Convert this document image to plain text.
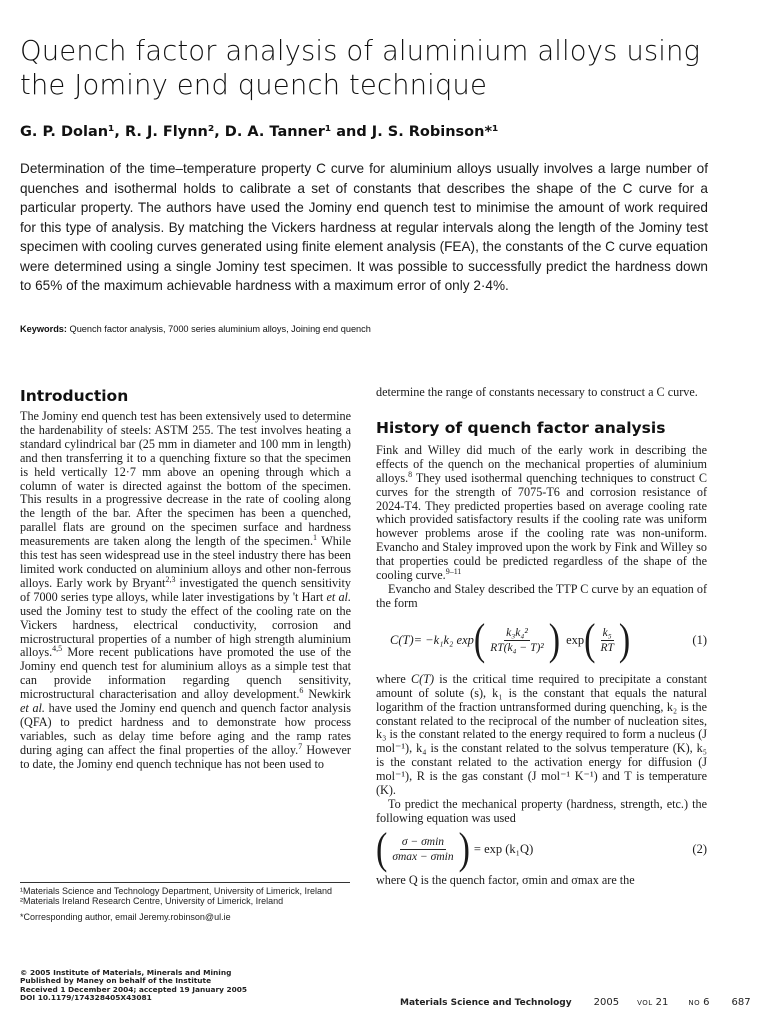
Quench factor analysis of aluminium alloys using the Jominy end quench technique
G. P. Dolan¹, R. J. Flynn², D. A. Tanner¹ and J. S. Robinson*¹

Determination of the time–temperature property C curve for aluminium alloys usually involves a large number of quenches and isothermal holds to calibrate a set of constants that describes the shape of the C curve for a particular property. The authors have used the Jominy end quench test to minimise the amount of work required for this type of analysis. By matching the Vickers hardness at regular intervals along the length of the Jominy test specimen with cooling curves generated using finite element analysis (FEA), the constants of the C curve equation were determined using a single Jominy test specimen. It was possible to successfully predict the hardness down to 65% of the maximum achievable hardness with a maximum error of only 2·4%.

Keywords: Quench factor analysis, 7000 series aluminium alloys, Joining end quench
Introduction

The Jominy end quench test has been extensively used to determine the hardenability of steels: ASTM 255. The test involves heating a standard cylindrical bar (25 mm in diameter and 100 mm in length) and then transferring it to a quenching fixture so that the specimen is held vertically 12·7 mm above an opening through which a column of water is directed against the bottom of the specimen. This results in a progressive decrease in the rate of cooling along the length of the bar. After the specimen has been a quenched, parallel flats are ground on the specimen surface and hardness measurements are taken along the length of the specimen.$^1$ While this test has seen widespread use in the steel industry there has been limited work conducted on aluminium alloys and other non-ferrous alloys. Early work by Bryant$^{2,3}$ investigated the quench sensitivity of 7000 series type alloys, while later investigations by 't Hart et al. used the Jominy test to study the effect of the cooling rate on the Vickers hardness, electrical conductivity, corrosion and microstructural properties of a number of high strength aluminium alloys.$^{4,5}$ More recent publications have promoted the use of the Jominy end quench test for aluminium alloys as a simple test that can provide information regarding quench sensitivity, microstructural characterisation and alloy development.$^6$ Newkirk et al. have used the Jominy end quench and quench factor analysis (QFA) to predict hardness and to demonstrate how process variables, such as delay time before aging and the ramp rates during aging can affect the final properties of the alloy.$^7$ However to date, the Jominy end quench technique has not been used to

determine the range of constants necessary to construct a C curve.

History of quench factor analysis

Fink and Willey did much of the early work in describing the effects of the quench on the mechanical properties of aluminium alloys.$^8$ They used isothermal quenching techniques to construct C curves for the strength of 7075-T6 and corrosion resistance of 2024-T4. They predicted properties based on average cooling rate which provided satisfactory results if the cooling rate was uniform however problems arose if the cooling rate was non-uniform. Evancho and Staley improved upon the work by Fink and Willey so that properties could be predicted regardless of the shape of the cooling curve.$^{9-11}$

Evancho and Staley described the TTP C curve by an equation of the form

C(T)= −k₁k₂ exp ( $\frac{\text{k₃k₄²}}{\text{RT(k₄ − T)²}}$ ) exp ( $\frac{\text{k₅}}{RT}$ )	(1)

where C(T) is the critical time required to precipitate a constant amount of solute (s), k₁ is the constant that equals the natural logarithm of the fraction untransformed during quenching, k₂ is the constant related to the reciprocal of the number of nucleation sites, k₃ is the constant related to the energy required to form a nucleus (J mol⁻¹), k₄ is the constant related to the solvus temperature (K), k₅ is the constant related to the activation energy for diffusion (J mol⁻¹), R is the gas constant (J mol⁻¹ K⁻¹) and T is temperature (K).

To predict the mechanical property (hardness, strength, etc.) the following equation was used

( $\frac{\sigma - \sigma\min}{\sigma\max - \sigma\min}$ ) = exp (k₁Q)	(2)

where Q is the quench factor, σmin and σmax are the

¹Materials Science and Technology Department, University of Limerick, Ireland
²Materials Ireland Research Centre, University of Limerick, Ireland
*Corresponding author, email Jeremy.robinson@ul.ie
© 2005 Institute of Materials, Minerals and Mining
Published by Maney on behalf of the Institute
Received 1 December 2004; accepted 19 January 2005
DOI 10.1179/174328405X43081
Materials Science and Technology 2005	VOL 21	NO 6 687
